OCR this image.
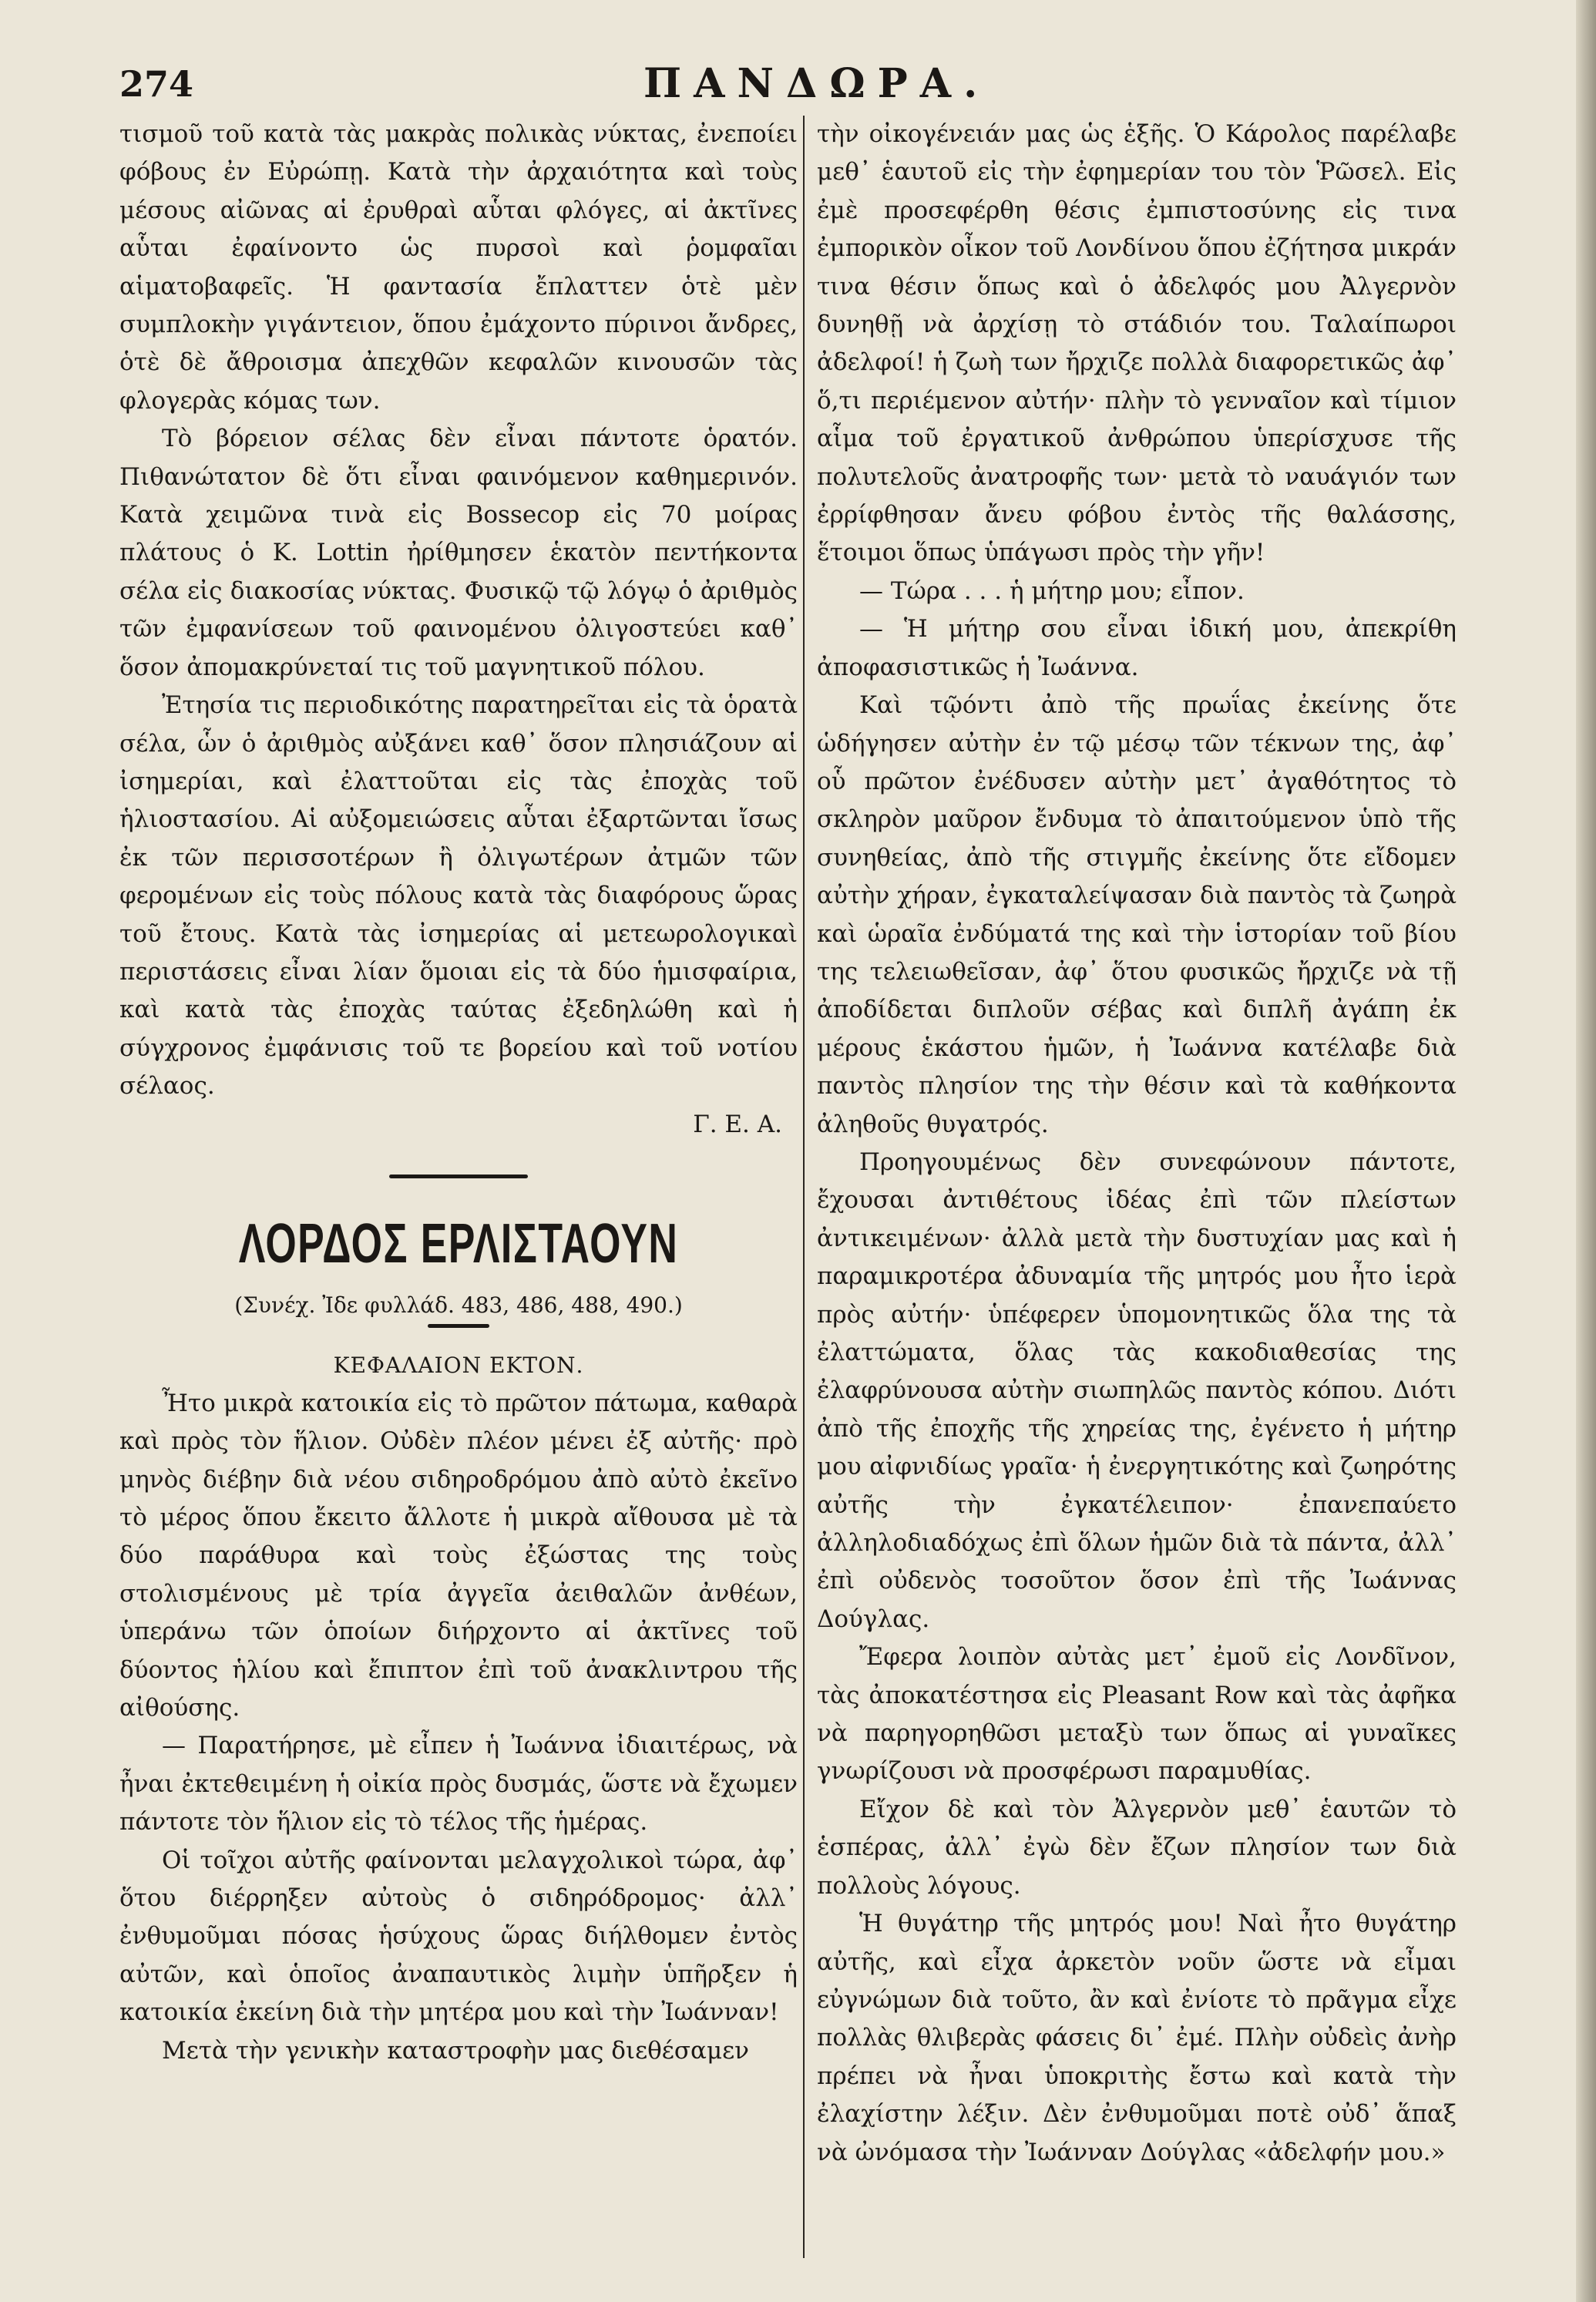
274	ΠΑΝΔΩΡΑ.

τισμοῦ τοῦ κατὰ τὰς μακρὰς πολικὰς νύκτας, ἐνεποίει φόβους ἐν Εὐρώπῃ. Κατὰ τὴν ἀρχαιότητα καὶ τοὺς μέσους αἰῶνας αἱ ἐρυθραὶ αὗται φλόγες, αἱ ἀκτῖνες αὗται ἐφαίνοντο ὡς πυρσοὶ καὶ ῥομφαῖαι αἱματοβαφεῖς. Ἡ φαντασία ἔπλαττεν ὁτὲ μὲν συμπλοκὴν γιγάντειον, ὅπου ἐμάχοντο πύρινοι ἄνδρες, ὁτὲ δὲ ἄθροισμα ἀπεχθῶν κεφαλῶν κινουσῶν τὰς φλογερὰς κόμας των.

Τὸ βόρειον σέλας δὲν εἶναι πάντοτε ὁρατόν. Πιθανώτατον δὲ ὅτι εἶναι φαινόμενον καθημερινόν. Κατὰ χειμῶνα τινὰ εἰς Bossecop εἰς 70 μοίρας πλάτους ὁ Κ. Lottin ἠρίθμησεν ἑκατὸν πεντήκοντα σέλα εἰς διακοσίας νύκτας. Φυσικῷ τῷ λόγῳ ὁ ἀριθμὸς τῶν ἐμφανίσεων τοῦ φαινομένου ὀλιγοστεύει καθ᾽ ὅσον ἀπομακρύνεταί τις τοῦ μαγνητικοῦ πόλου.

Ἐτησία τις περιοδικότης παρατηρεῖται εἰς τὰ ὁρατὰ σέλα, ὧν ὁ ἀριθμὸς αὐξάνει καθ᾽ ὅσον πλησιάζουν αἱ ἰσημερίαι, καὶ ἐλαττοῦται εἰς τὰς ἐποχὰς τοῦ ἡλιοστασίου. Αἱ αὐξομειώσεις αὗται ἐξαρτῶνται ἴσως ἐκ τῶν περισσοτέρων ἢ ὀλιγωτέρων ἀτμῶν τῶν φερομένων εἰς τοὺς πόλους κατὰ τὰς διαφόρους ὥρας τοῦ ἔτους. Κατὰ τὰς ἰσημερίας αἱ μετεωρολογικαὶ περιστάσεις εἶναι λίαν ὅμοιαι εἰς τὰ δύο ἡμισφαίρια, καὶ κατὰ τὰς ἐποχὰς ταύτας ἐξεδηλώθη καὶ ἡ σύγχρονος ἐμφάνισις τοῦ τε βορείου καὶ τοῦ νοτίου σέλαος.

Γ. Ε. Α.

ΛΟΡΔΟΣ ΕΡΛΙΣΤΑΟΥΝ

(Συνέχ. Ἰδε φυλλάδ. 483, 486, 488, 490.)

ΚΕΦΑΛΑΙΟΝ ΕΚΤΟΝ.

Ἦτο μικρὰ κατοικία εἰς τὸ πρῶτον πάτωμα, καθαρὰ καὶ πρὸς τὸν ἥλιον. Οὐδὲν πλέον μένει ἐξ αὐτῆς· πρὸ μηνὸς διέβην διὰ νέου σιδηροδρόμου ἀπὸ αὐτὸ ἐκεῖνο τὸ μέρος ὅπου ἔκειτο ἄλλοτε ἡ μικρὰ αἴθουσα μὲ τὰ δύο παράθυρα καὶ τοὺς ἐξώστας της τοὺς στολισμένους μὲ τρία ἀγγεῖα ἀειθαλῶν ἀνθέων, ὑπεράνω τῶν ὁποίων διήρχοντο αἱ ἀκτῖνες τοῦ δύοντος ἡλίου καὶ ἔπιπτον ἐπὶ τοῦ ἀνακλιντρου τῆς αἰθούσης.

— Παρατήρησε, μὲ εἶπεν ἡ Ἰωάννα ἰδιαιτέρως, νὰ ἦναι ἐκτεθειμένη ἡ οἰκία πρὸς δυσμάς, ὥστε νὰ ἔχωμεν πάντοτε τὸν ἥλιον εἰς τὸ τέλος τῆς ἡμέρας.

Οἱ τοῖχοι αὐτῆς φαίνονται μελαγχολικοὶ τώρα, ἀφ᾽ ὅτου διέρρηξεν αὐτοὺς ὁ σιδηρόδρομος· ἀλλ᾽ ἐνθυμοῦμαι πόσας ἡσύχους ὥρας διήλθομεν ἐντὸς αὐτῶν, καὶ ὁποῖος ἀναπαυτικὸς λιμὴν ὑπῆρξεν ἡ κατοικία ἐκείνη διὰ τὴν μητέρα μου καὶ τὴν Ἰωάνναν!

Μετὰ τὴν γενικὴν καταστροφὴν μας διεθέσαμεν

τὴν οἰκογένειάν μας ὡς ἑξῆς. Ὁ Κάρολος παρέλαβε μεθ᾽ ἑαυτοῦ εἰς τὴν ἐφημερίαν του τὸν Ῥῶσελ. Εἰς ἐμὲ προσεφέρθη θέσις ἐμπιστοσύνης εἰς τινα ἐμπορικὸν οἶκον τοῦ Λονδίνου ὅπου ἐζήτησα μικράν τινα θέσιν ὅπως καὶ ὁ ἀδελφός μου Ἀλγερνὸν δυνηθῇ νὰ ἀρχίσῃ τὸ στάδιόν του. Ταλαίπωροι ἀδελφοί! ἡ ζωὴ των ἤρχιζε πολλὰ διαφορετικῶς ἀφ᾽ ὅ,τι περιέμενον αὐτήν· πλὴν τὸ γενναῖον καὶ τίμιον αἷμα τοῦ ἐργατικοῦ ἀνθρώπου ὑπερίσχυσε τῆς πολυτελοῦς ἀνατροφῆς των· μετὰ τὸ ναυάγιόν των ἐρρίφθησαν ἄνευ φόβου ἐντὸς τῆς θαλάσσης, ἕτοιμοι ὅπως ὑπάγωσι πρὸς τὴν γῆν!

— Τώρα . . . ἡ μήτηρ μου; εἶπον.

— Ἡ μήτηρ σου εἶναι ἰδική μου, ἀπεκρίθη ἀποφασιστικῶς ἡ Ἰωάννα.

Καὶ τῷόντι ἀπὸ τῆς πρωΐας ἐκείνης ὅτε ὡδήγησεν αὐτὴν ἐν τῷ μέσῳ τῶν τέκνων της, ἀφ᾽ οὗ πρῶτον ἐνέδυσεν αὐτὴν μετ᾽ ἀγαθότητος τὸ σκληρὸν μαῦρον ἔνδυμα τὸ ἀπαιτούμενον ὑπὸ τῆς συνηθείας, ἀπὸ τῆς στιγμῆς ἐκείνης ὅτε εἴδομεν αὐτὴν χήραν, ἐγκαταλείψασαν διὰ παντὸς τὰ ζωηρὰ καὶ ὡραῖα ἐνδύματά της καὶ τὴν ἱστορίαν τοῦ βίου της τελειωθεῖσαν, ἀφ᾽ ὅτου φυσικῶς ἤρχιζε νὰ τῇ ἀποδίδεται διπλοῦν σέβας καὶ διπλῆ ἀγάπη ἐκ μέρους ἑκάστου ἡμῶν, ἡ Ἰωάννα κατέλαβε διὰ παντὸς πλησίον της τὴν θέσιν καὶ τὰ καθήκοντα ἀληθοῦς θυγατρός.

Προηγουμένως δὲν συνεφώνουν πάντοτε, ἔχουσαι ἀντιθέτους ἰδέας ἐπὶ τῶν πλείστων ἀντικειμένων· ἀλλὰ μετὰ τὴν δυστυχίαν μας καὶ ἡ παραμικροτέρα ἀδυναμία τῆς μητρός μου ἦτο ἱερὰ πρὸς αὐτήν· ὑπέφερεν ὑπομονητικῶς ὅλα της τὰ ἐλαττώματα, ὅλας τὰς κακοδιαθεσίας της ἐλαφρύνουσα αὐτὴν σιωπηλῶς παντὸς κόπου. Διότι ἀπὸ τῆς ἐποχῆς τῆς χηρείας της, ἐγένετο ἡ μήτηρ μου αἰφνιδίως γραῖα· ἡ ἐνεργητικότης καὶ ζωηρότης αὐτῆς τὴν ἐγκατέλειπον· ἐπανεπαύετο ἀλληλοδιαδόχως ἐπὶ ὅλων ἡμῶν διὰ τὰ πάντα, ἀλλ᾽ ἐπὶ οὐδενὸς τοσοῦτον ὅσον ἐπὶ τῆς Ἰωάννας Δούγλας.

Ἔφερα λοιπὸν αὐτὰς μετ᾽ ἐμοῦ εἰς Λονδῖνον, τὰς ἀποκατέστησα εἰς Pleasant Row καὶ τὰς ἀφῆκα νὰ παρηγορηθῶσι μεταξὺ των ὅπως αἱ γυναῖκες γνωρίζουσι νὰ προσφέρωσι παραμυθίας.

Εἴχον δὲ καὶ τὸν Ἀλγερνὸν μεθ᾽ ἑαυτῶν τὸ ἑσπέρας, ἀλλ᾽ ἐγὼ δὲν ἔζων πλησίον των διὰ πολλοὺς λόγους.

Ἡ θυγάτηρ τῆς μητρός μου! Ναὶ ἦτο θυγάτηρ αὐτῆς, καὶ εἶχα ἀρκετὸν νοῦν ὥστε νὰ εἶμαι εὐγνώμων διὰ τοῦτο, ἂν καὶ ἐνίοτε τὸ πρᾶγμα εἶχε πολλὰς θλιβερὰς φάσεις δι᾽ ἐμέ. Πλὴν οὐδεὶς ἀνὴρ πρέπει νὰ ἦναι ὑποκριτὴς ἔστω καὶ κατὰ τὴν ἐλαχίστην λέξιν. Δὲν ἐνθυμοῦμαι ποτὲ οὐδ᾽ ἅπαξ νὰ ὠνόμασα τὴν Ἰωάνναν Δούγλας «ἀδελφήν μου.»
